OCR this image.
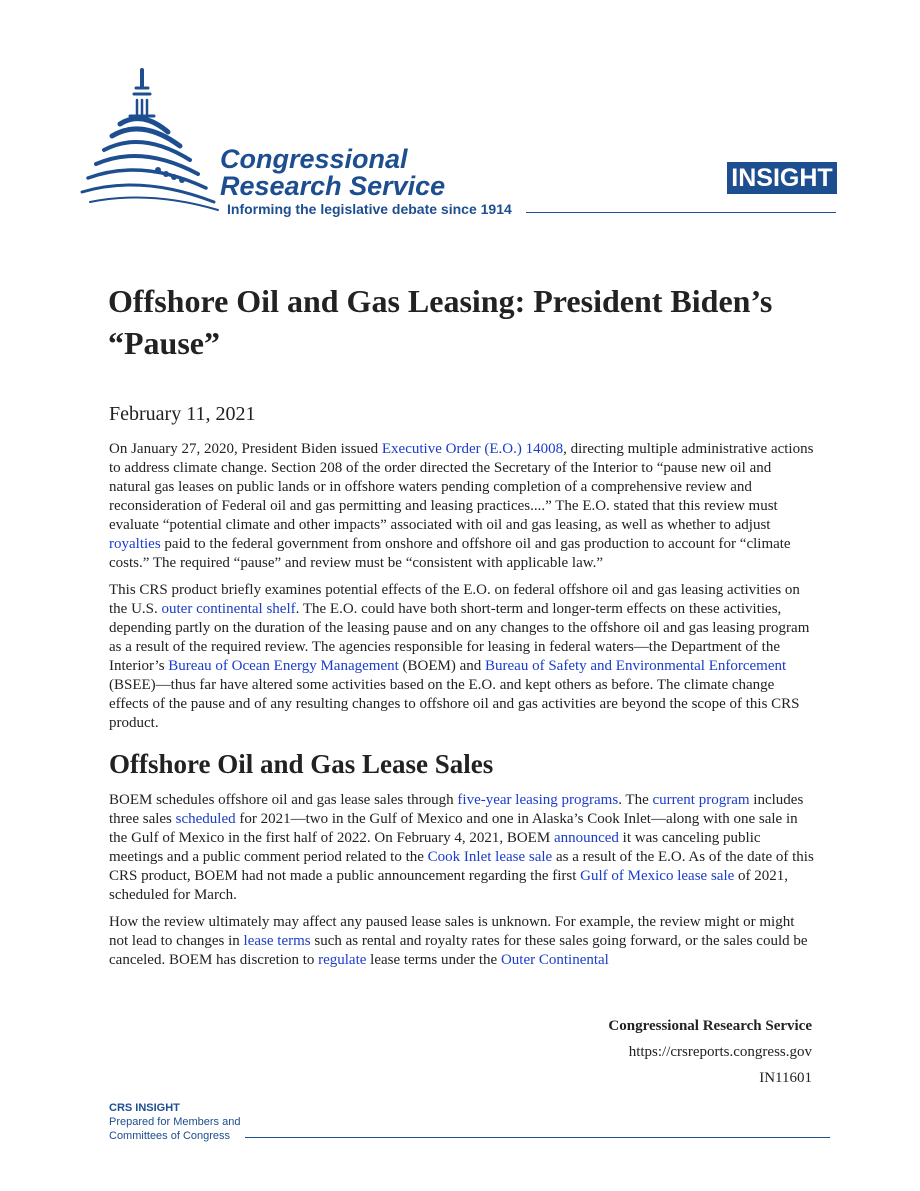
Congressional
Research Service
Informing the legislative debate since 1914
INSIGHT
Offshore Oil and Gas Leasing: President Biden’s “Pause”
February 11, 2021

On January 27, 2020, President Biden issued Executive Order (E.O.) 14008, directing multiple administrative actions to address climate change. Section 208 of the order directed the Secretary of the Interior to “pause new oil and natural gas leases on public lands or in offshore waters pending completion of a comprehensive review and reconsideration of Federal oil and gas permitting and leasing practices....” The E.O. stated that this review must evaluate “potential climate and other impacts” associated with oil and gas leasing, as well as whether to adjust royalties paid to the federal government from onshore and offshore oil and gas production to account for “climate costs.” The required “pause” and review must be “consistent with applicable law.”

This CRS product briefly examines potential effects of the E.O. on federal offshore oil and gas leasing activities on the U.S. outer continental shelf. The E.O. could have both short-term and longer-term effects on these activities, depending partly on the duration of the leasing pause and on any changes to the offshore oil and gas leasing program as a result of the required review. The agencies responsible for leasing in federal waters—the Department of the Interior’s Bureau of Ocean Energy Management (BOEM) and Bureau of Safety and Environmental Enforcement (BSEE)—thus far have altered some activities based on the E.O. and kept others as before. The climate change effects of the pause and of any resulting changes to offshore oil and gas activities are beyond the scope of this CRS product.

Offshore Oil and Gas Lease Sales

BOEM schedules offshore oil and gas lease sales through five-year leasing programs. The current program includes three sales scheduled for 2021—two in the Gulf of Mexico and one in Alaska’s Cook Inlet—along with one sale in the Gulf of Mexico in the first half of 2022. On February 4, 2021, BOEM announced it was canceling public meetings and a public comment period related to the Cook Inlet lease sale as a result of the E.O. As of the date of this CRS product, BOEM had not made a public announcement regarding the first Gulf of Mexico lease sale of 2021, scheduled for March.

How the review ultimately may affect any paused lease sales is unknown. For example, the review might or might not lead to changes in lease terms such as rental and royalty rates for these sales going forward, or the sales could be canceled. BOEM has discretion to regulate lease terms under the Outer Continental

Congressional Research Service
https://crsreports.congress.gov
IN11601
CRS INSIGHT
Prepared for Members and
Committees of Congress
